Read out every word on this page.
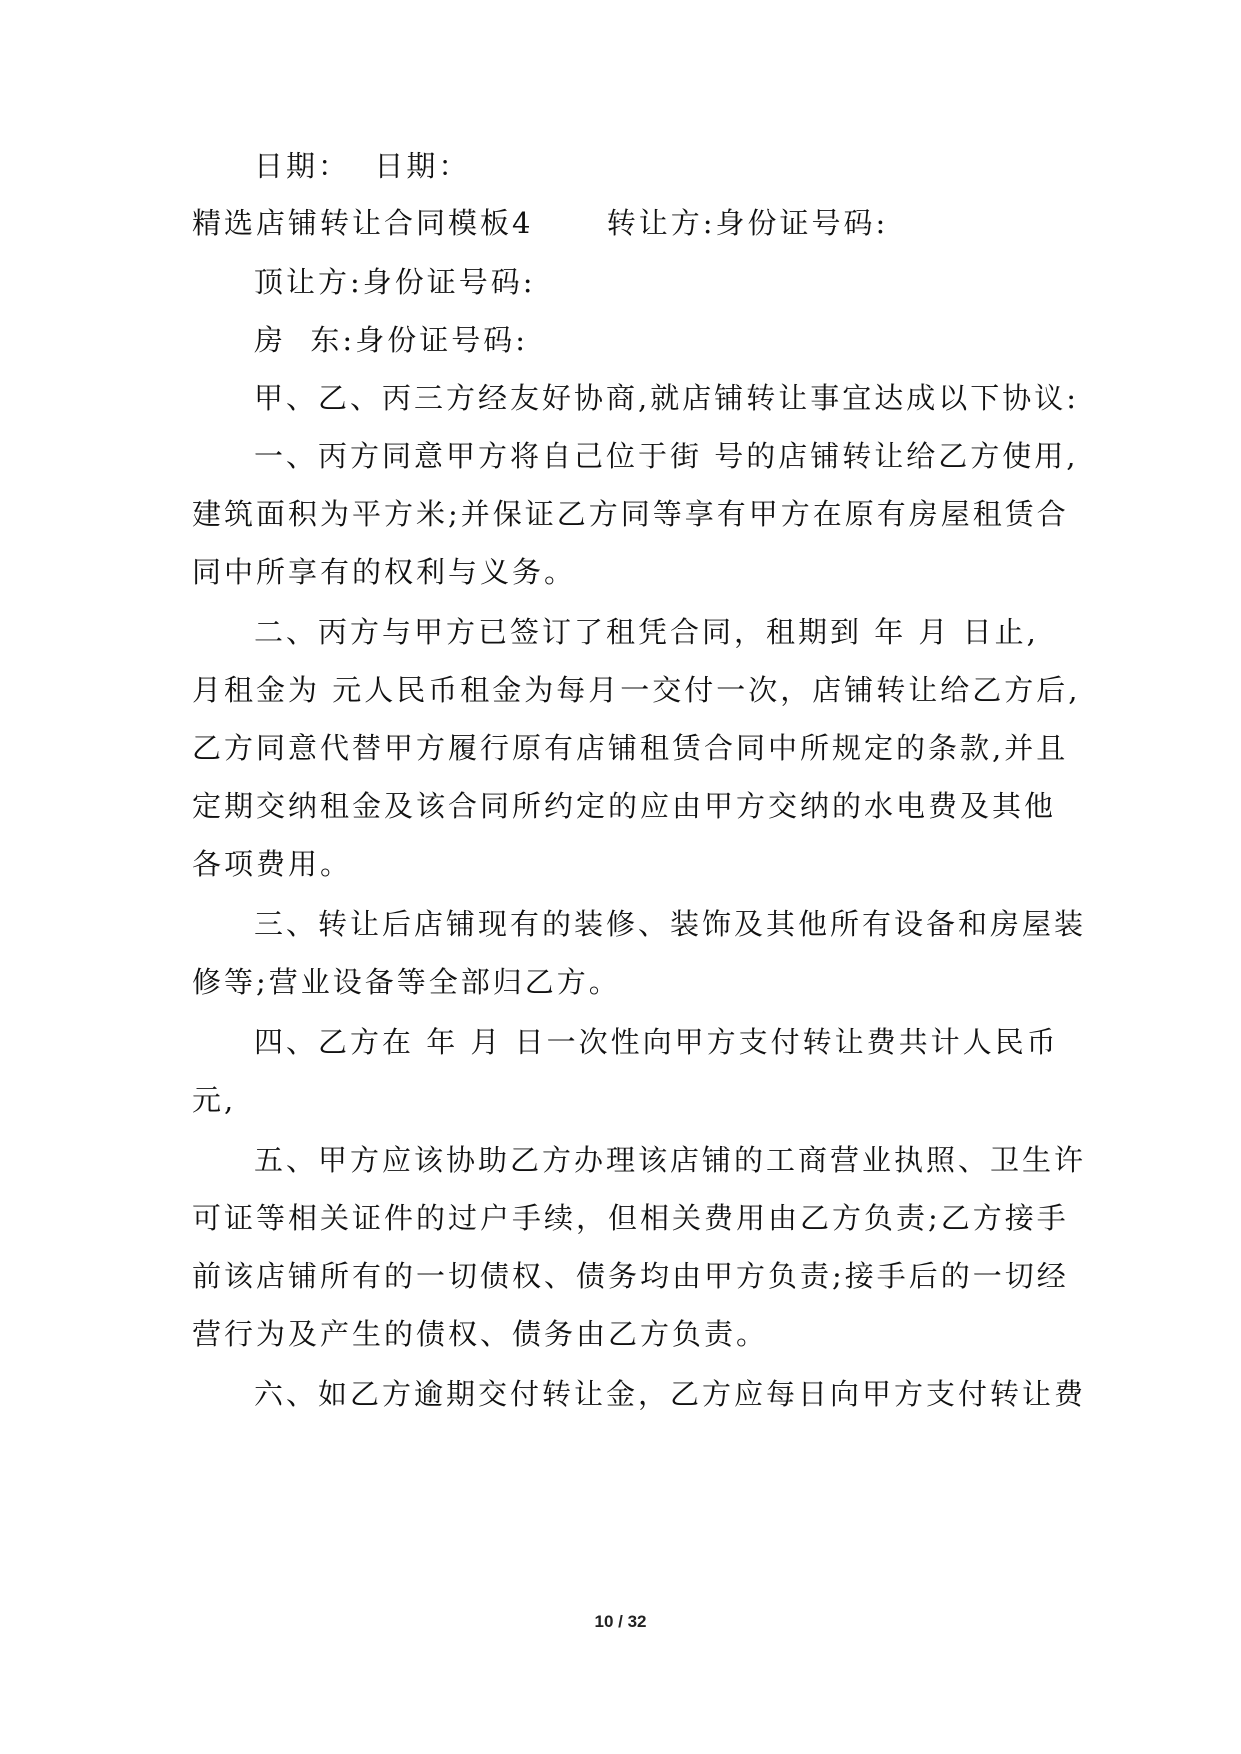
日期：  日期：
精选店铺转让合同模板4      转让方:身份证号码:
顶让方:身份证号码:
房  东:身份证号码:
甲、乙、丙三方经友好协商,就店铺转让事宜达成以下协议:
一、丙方同意甲方将自己位于街 号的店铺转让给乙方使用,
建筑面积为平方米;并保证乙方同等享有甲方在原有房屋租赁合
同中所享有的权利与义务。
二、丙方与甲方已签订了租凭合同，租期到 年 月 日止,
月租金为 元人民币租金为每月一交付一次，店铺转让给乙方后,
乙方同意代替甲方履行原有店铺租赁合同中所规定的条款,并且
定期交纳租金及该合同所约定的应由甲方交纳的水电费及其他
各项费用。
三、转让后店铺现有的装修、装饰及其他所有设备和房屋装
修等;营业设备等全部归乙方。
四、乙方在 年 月 日一次性向甲方支付转让费共计人民币
元,
五、甲方应该协助乙方办理该店铺的工商营业执照、卫生许
可证等相关证件的过户手续，但相关费用由乙方负责;乙方接手
前该店铺所有的一切债权、债务均由甲方负责;接手后的一切经
营行为及产生的债权、债务由乙方负责。
六、如乙方逾期交付转让金，乙方应每日向甲方支付转让费
10 / 32
